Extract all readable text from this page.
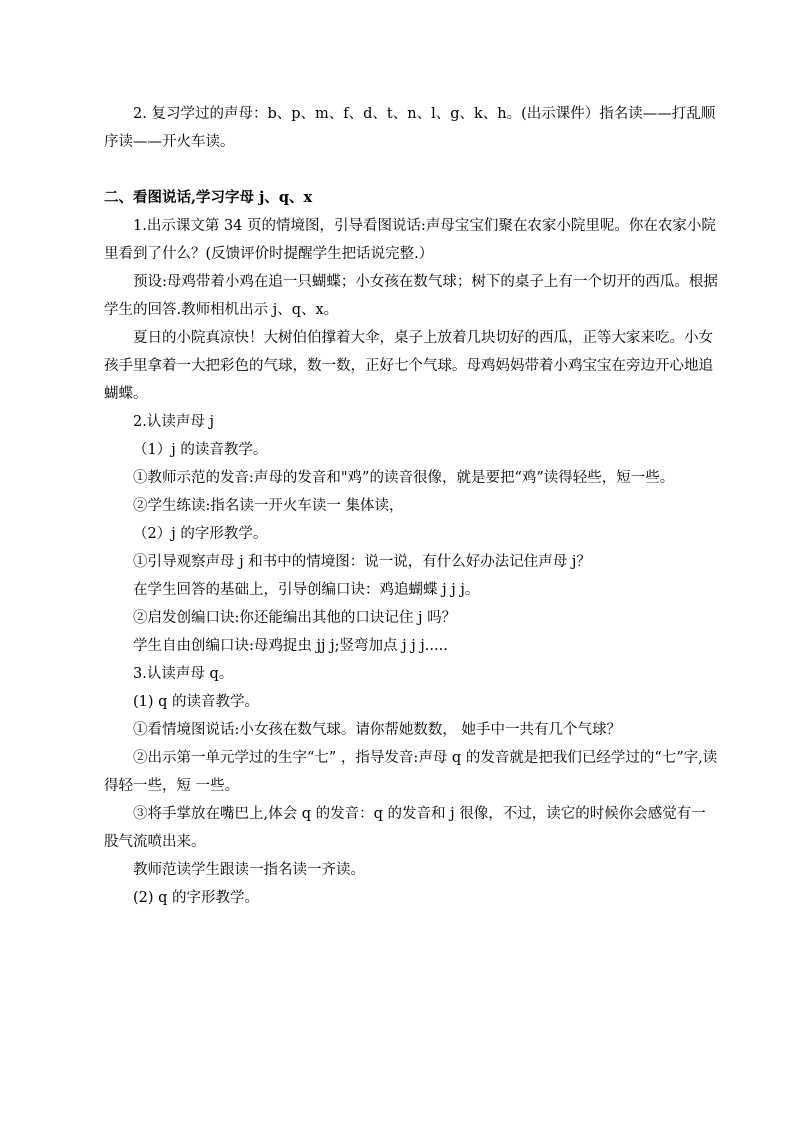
2. 复习学过的声母：b、p、m、f、d、t、n、l、g、k、h。(出示课件）指名读——打乱顺序读——开火车读。

二、看图说话,学习字母 j、q、x

1.出示课文第 34 页的情境图，引导看图说话:声母宝宝们聚在农家小院里呢。你在农家小院里看到了什么？(反馈评价时提醒学生把话说完整.）

预设:母鸡带着小鸡在追一只蝴蝶；小女孩在数气球；树下的桌子上有一个切开的西瓜。根据学生的回答.教师相机出示 j、q、x。

夏日的小院真凉快！大树伯伯撑着大伞，桌子上放着几块切好的西瓜，正等大家来吃。小女孩手里拿着一大把彩色的气球，数一数，正好七个气球。母鸡妈妈带着小鸡宝宝在旁边开心地追蝴蝶。

2.认读声母 j

（1）j 的读音教学。

①教师示范的发音:声母的发音和"鸡”的读音很像，就是要把“鸡”读得轻些，短一些。

②学生练读:指名读一开火车读一 集体读，

（2）j 的字形教学。

①引导观察声母 j 和书中的情境图：说一说，有什么好办法记住声母 j？

在学生回答的基础上，引导创编口诀：鸡追蝴蝶 j j j。

②启发创编口诀:你还能编出其他的口诀记住 j 吗？

学生自由创编口诀:母鸡捉虫 jj j;竖弯加点 j j j.....

3.认读声母 q。

(1) q 的读音教学。

①看情境图说话:小女孩在数气球。请你帮她数数， 她手中一共有几个气球？

②出示第一单元学过的生字“七” ，指导发音:声母 q 的发音就是把我们已经学过的“七”字,读得轻一些，短 一些。

③将手掌放在嘴巴上,体会 q 的发音：q 的发音和 j 很像，不过，读它的时候你会感觉有一股气流喷出来。

教师范读学生跟读一指名读一齐读。

(2) q 的字形教学。
